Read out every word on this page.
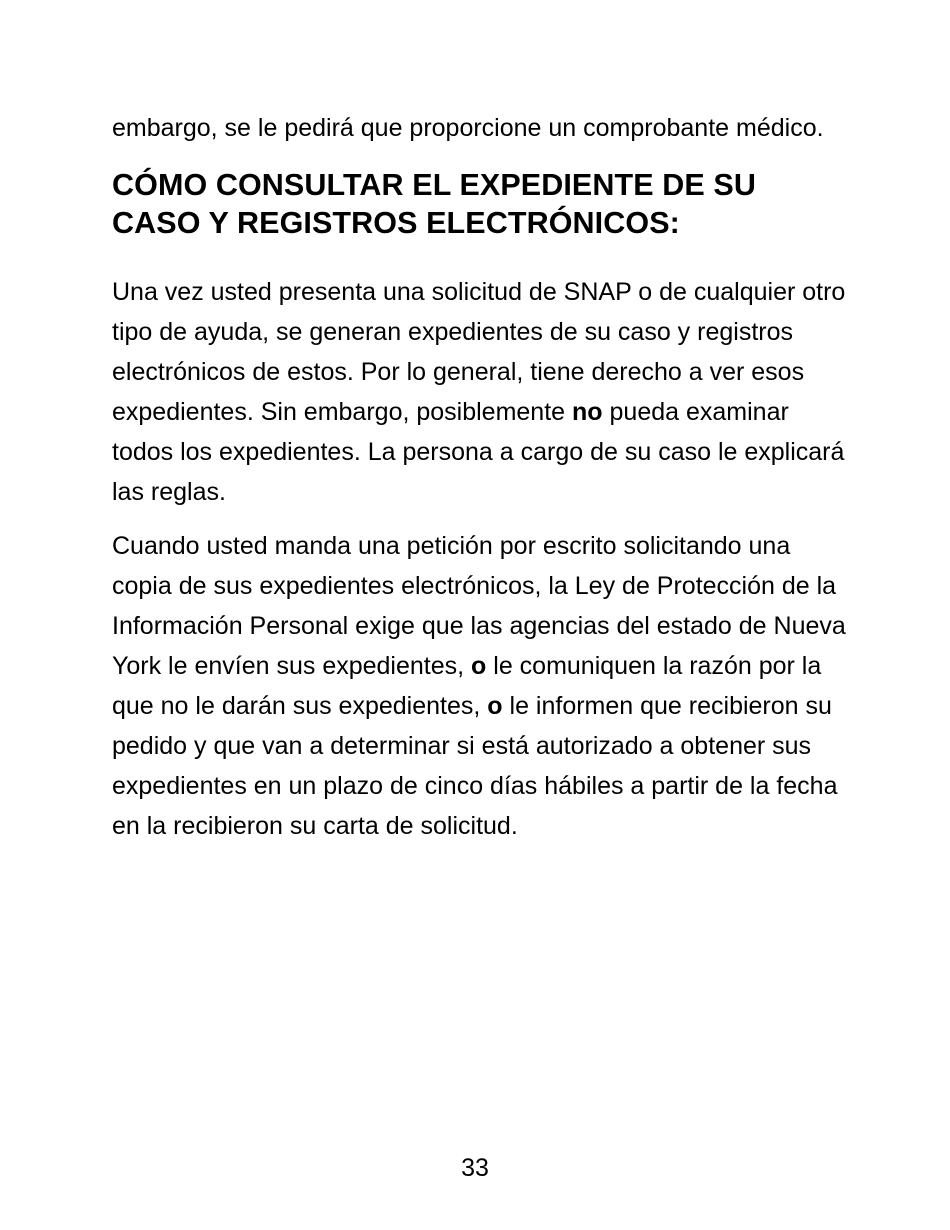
embargo, se le pedirá que proporcione un comprobante médico.

CÓMO CONSULTAR EL EXPEDIENTE DE SU CASO Y REGISTROS ELECTRÓNICOS:

Una vez usted presenta una solicitud de SNAP o de cualquier otro tipo de ayuda, se generan expedientes de su caso y registros electrónicos de estos. Por lo general, tiene derecho a ver esos expedientes. Sin embargo, posiblemente no pueda examinar todos los expedientes. La persona a cargo de su caso le explicará las reglas.

Cuando usted manda una petición por escrito solicitando una copia de sus expedientes electrónicos, la Ley de Protección de la Información Personal exige que las agencias del estado de Nueva York le envíen sus expedientes, o le comuniquen la razón por la que no le darán sus expedientes, o le informen que recibieron su pedido y que van a determinar si está autorizado a obtener sus expedientes en un plazo de cinco días hábiles a partir de la fecha en la recibieron su carta de solicitud.

33
